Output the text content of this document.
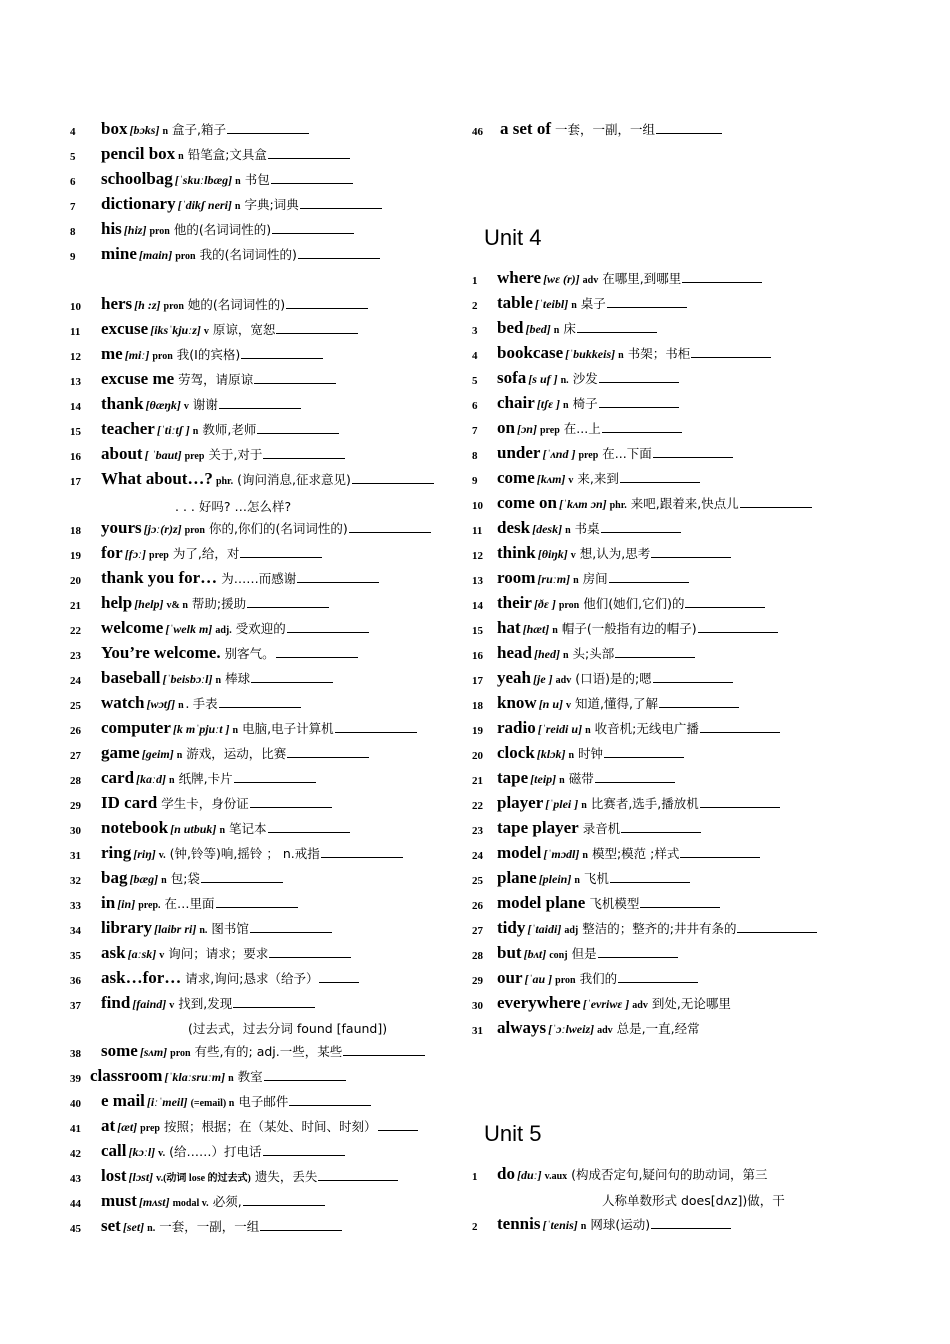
4 box [bɔks] n 盒子,箱子
5 pencil box n 铅笔盒;文具盒
6 schoolbag [ˈskuːlbæɡ] n 书包
7 dictionary [ˈdikʃ neri] n 字典;词典
8 his [hiz] pron 他的(名词词性的)
9 mine [main] pron 我的(名词词性的)
10 hers [h :z] pron 她的(名词词性的)
11 excuse [iksˈkjuːz] v 原谅，宽恕
12 me [miː] pron 我(Ⅰ的宾格)
13 excuse me 劳驾，请原谅
14 thank [θæŋk] v 谢谢
15 teacher [ˈtiːtʃ ] n 教师,老师
16 about [ ˈbaut] prep 关于,对于
17 What about…? phr. (询问消息,征求意见)
18 yours [jɔː(r)z] pron 你的,你们的(名词词性的)
19 for [fɔː] prep 为了,给，对
20 thank you for… 为……而感谢
21 help [help] v& n 帮助;援助
22 welcome [ˈwelk m] adj. 受欢迎的
23 You’re welcome. 别客气。
24 baseball [ˈbeisbɔːl] n 棒球
25 watch [wɔtʃ] n . 手表
26 computer [k mˈpjuːt ] n 电脑,电子计算机
27 game [ɡeim] n 游戏，运动，比赛
28 card [kɑːd] n 纸牌,卡片
29 ID card 学生卡，身份证
30 notebook [n utbuk] n 笔记本
31 ring [riŋ] v. (钟,铃等)响,摇铃 ； n.戒指
32 bag [bæɡ] n 包;袋
33 in [in] prep. 在…里面
34 library [laibr ri] n. 图书馆
35 ask [ɑːsk] v 询问；请求；要求
36 ask…for… 请求,询问;恳求（给予）
37 find [faind] v 找到,发现
38 some [sʌm] pron 有些,有的; adj.一些，某些
39 classroom [ˈklɑːsruːm] n 教室
40 e mail [iːˈmeil] (=email) n 电子邮件
41 at [æt] prep 按照；根据；在（某处、时间、时刻）
42 call [kɔːl] v. (给……）打电话
43 lost [lɔst] v.(动词 lose 的过去式) 遗失，丢失
44 must [mʌst] modal v. 必须,
45 set [set] n. 一套，一副，一组
. . . 好吗? …怎么样?
(过去式，过去分词 found [faund])
46 a set of 一套，一副，一组
1 where [wɛ (r)] adv 在哪里,到哪里
2 table [ˈteibl] n 桌子
3 bed [bed] n 床
4 bookcase [ˈbukkeis] n 书架；书柜
5 sofa [s uf ] n. 沙发
6 chair [tʃɛ ] n 椅子
7 on [ɔn] prep 在...上
8 under [ˈʌnd ] prep 在...下面
9 come [kʌm] v 来,来到
10 come on [ˈkʌm ɔn] phr. 来吧,跟着来,快点儿
11 desk [desk] n 书桌
12 think [θiŋk] v 想,认为,思考
13 room [ruːm] n 房间
14 their [ðɛ ] pron 他们(她们,它们)的
15 hat [hæt] n 帽子(一般指有边的帽子)
16 head [hed] n 头;头部
17 yeah [je ] adv (口语)是的;嗯
18 know [n u] v 知道,懂得,了解
19 radio [ˈreidi u] n 收音机;无线电广播
20 clock [klɔk] n 时钟
21 tape [teip] n 磁带
22 player [ˈplei ] n 比赛者,选手,播放机
23 tape player 录音机
24 model [ˈmɔdl] n 模型;模范 ;样式
25 plane [plein] n 飞机
26 model plane 飞机模型
27 tidy [ˈtaidi] adj 整洁的；整齐的;井井有条的
28 but [bʌt] conj 但是
29 our [ˈau ] pron 我们的
30 everywhere [ˈevriwɛ ] adv 到处,无论哪里
31 always [ˈɔːlweiz] adv 总是,一直,经常
1 do [duː] v.aux (构成否定句,疑问句的助动词，第三
2 tennis [ˈtenis] n 网球(运动)
Unit 4
Unit 5
人称单数形式 does[dʌz])做，干
